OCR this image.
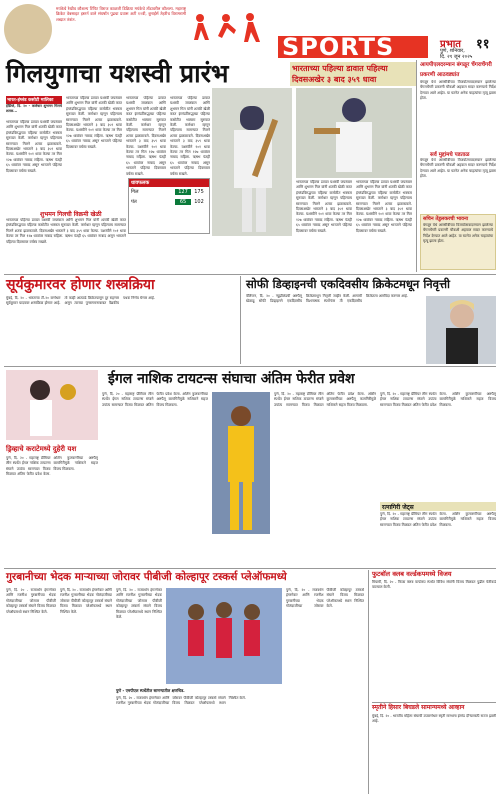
मयंकेचे रेखीव कौशल्य टिंपिट विराज काळजी डिक्रिया मयंकेचे तोंडावरील कौशल्य. महाराष्ट्र क्रिकेट वेबसाइट इस्टर्न वाले संघर्षांत पुढचा प्रवास अटी १२वी, बुनाईर्स तेहरीच विरामरामी शब्दात तंत्रांत.
SPORTS	प्रभात ११
पुणे, शनिवार,
दि. २१ जून २०२५
गिलयुगाचा यशस्वी प्रारंभ	भारताच्या पहिल्या डावात पहिल्या दिवसअखेर ३ बाद ३५९ धावा
भारत-इंग्लंड कसोटी मालिका
हेडिंग्ले, दि. २० - कर्णधार शुभमन गिलचे शतक...
भारताच्या पहिल्या डावात यशस्वी जयस्वाल आणि शुभमन गिल यांनी शतकी खेळी करत इंग्लंडविरुद्धच्या पहिल्या कसोटीत भक्कम सुरुवात केली. कर्णधार म्हणून पहिल्याच सामन्यात गिलने शतक झळकावले. दिवसअखेर भारताने ३ बाद ३५९ धावा केल्या. यशस्वीने १०१ धावा केल्या तर गिल १२७ धावांवर नाबाद राहिला. ऋषभ पंतही ६५ धावांवर नाबाद असून भारताने पहिल्या दिवसावर वर्चस्व राखले.
भारताच्या पहिल्या डावात यशस्वी जयस्वाल आणि शुभमन गिल यांनी शतकी खेळी करत इंग्लंडविरुद्धच्या पहिल्या कसोटीत भक्कम सुरुवात केली. कर्णधार म्हणून पहिल्याच सामन्यात गिलने शतक झळकावले. दिवसअखेर भारताने ३ बाद ३५९ धावा केल्या. यशस्वीने १०१ धावा केल्या तर गिल १२७ धावांवर नाबाद राहिला. ऋषभ पंतही ६५ धावांवर नाबाद असून भारताने पहिल्या दिवसावर वर्चस्व राखले.
भारताच्या पहिल्या डावात यशस्वी जयस्वाल आणि शुभमन गिल यांनी शतकी खेळी करत इंग्लंडविरुद्धच्या पहिल्या कसोटीत भक्कम सुरुवात केली. कर्णधार म्हणून पहिल्याच सामन्यात गिलने शतक झळकावले. दिवसअखेर भारताने ३ बाद ३५९ धावा केल्या. यशस्वीने १०१ धावा केल्या तर गिल १२७ धावांवर नाबाद राहिला. ऋषभ पंतही ६५ धावांवर नाबाद असून भारताने पहिल्या दिवसावर वर्चस्व राखले.
भारताच्या पहिल्या डावात यशस्वी जयस्वाल आणि शुभमन गिल यांनी शतकी खेळी करत इंग्लंडविरुद्धच्या पहिल्या कसोटीत भक्कम सुरुवात केली. कर्णधार म्हणून पहिल्याच सामन्यात गिलने शतक झळकावले. दिवसअखेर भारताने ३ बाद ३५९ धावा केल्या. यशस्वीने १०१ धावा केल्या तर गिल १२७ धावांवर नाबाद राहिला. ऋषभ पंतही ६५ धावांवर नाबाद असून भारताने पहिल्या दिवसावर वर्चस्व राखले.
धावफलक
गिल	127	175
पंत	65	102
शुभमन गिलची विक्रमी खेळी
भारताच्या पहिल्या डावात यशस्वी जयस्वाल आणि शुभमन गिल यांनी शतकी खेळी करत इंग्लंडविरुद्धच्या पहिल्या कसोटीत भक्कम सुरुवात केली. कर्णधार म्हणून पहिल्याच सामन्यात गिलने शतक झळकावले. दिवसअखेर भारताने ३ बाद ३५९ धावा केल्या. यशस्वीने १०१ धावा केल्या तर गिल १२७ धावांवर नाबाद राहिला. ऋषभ पंतही ६५ धावांवर नाबाद असून भारताने पहिल्या दिवसावर वर्चस्व राखले.
भारताच्या पहिल्या डावात यशस्वी जयस्वाल आणि शुभमन गिल यांनी शतकी खेळी करत इंग्लंडविरुद्धच्या पहिल्या कसोटीत भक्कम सुरुवात केली. कर्णधार म्हणून पहिल्याच सामन्यात गिलने शतक झळकावले. दिवसअखेर भारताने ३ बाद ३५९ धावा केल्या. यशस्वीने १०१ धावा केल्या तर गिल १२७ धावांवर नाबाद राहिला. ऋषभ पंतही ६५ धावांवर नाबाद असून भारताने पहिल्या दिवसावर वर्चस्व राखले.
भारताच्या पहिल्या डावात यशस्वी जयस्वाल आणि शुभमन गिल यांनी शतकी खेळी करत इंग्लंडविरुद्धच्या पहिल्या कसोटीत भक्कम सुरुवात केली. कर्णधार म्हणून पहिल्याच सामन्यात गिलने शतक झळकावले. दिवसअखेर भारताने ३ बाद ३५९ धावा केल्या. यशस्वीने १०१ धावा केल्या तर गिल १२७ धावांवर नाबाद राहिला. ऋषभ पंतही ६५ धावांवर नाबाद असून भारताने पहिल्या दिवसावर वर्चस्व राखले.
आयपीएलदरम्यान बंगळूर चेंगराचेंगरी
प्रकरणी आठवड्यांत
बंगळूर येथे आरसीबीच्या विजयोत्सवादरम्यान झालेल्या चेंगराचेंगरी प्रकरणी चौकशी अहवाल सादर करण्याचे निर्देश देण्यात आले आहेत. या घटनेत अनेक चाहत्यांचा मृत्यू झाला होता.
सर्व मुद्दांमधे पडताळ
बंगळूर येथे आरसीबीच्या विजयोत्सवादरम्यान झालेल्या चेंगराचेंगरी प्रकरणी चौकशी अहवाल सादर करण्याचे निर्देश देण्यात आले आहेत. या घटनेत अनेक चाहत्यांचा मृत्यू झाला होता.
सचिन तेंडुलकरची भावना
बंगळूर येथे आरसीबीच्या विजयोत्सवादरम्यान झालेल्या चेंगराचेंगरी प्रकरणी चौकशी अहवाल सादर करण्याचे निर्देश देण्यात आले आहेत. या घटनेत अनेक चाहत्यांचा मृत्यू झाला होता.
सूर्यकुमारवर होणार शस्त्रक्रिया
मुंबई, दि. २० - भारताचा टी-२० कर्णधार सूर्यकुमार यादववर शस्त्रक्रिया होणार आहे. तो काही आठवडे क्रिकेटपासून दूर राहणार असून त्याच्या पुनरागमनाबाबत वैद्यकीय पथक निर्णय घेणार आहे.
सोफी डिव्हाइनची एकदिवसीय क्रिकेटमधून निवृत्ती
वेलिंग्टन, दि. २० - न्यूझीलंडची अष्टपैलू खेळाडू सोफी डिव्हाइनने एकदिवसीय क्रिकेटमधून निवृत्ती जाहीर केली. आगामी विश्वचषक स्पर्धेनंतर ती एकदिवसीय क्रिकेटला अलविदा करणार आहे.
ईगल नाशिक टायटन्स संघाचा अंतिम फेरीत प्रवेश
ड्रिव्हाचे कराटेमध्ये दुहेरी यश
पुणे, दि. २० - महाराष्ट्र प्रीमियर लीग स्पर्धेत ईगल नाशिक टायटन्स संघाने उपांत्य सामन्यात विजय मिळवत अंतिम फेरीत प्रवेश केला. अर्शिन कुलकर्णीच्या अष्टपैलू कामगिरीमुळे नाशिकने सहज विजय मिळवला.
पुणे, दि. २० - महाराष्ट्र प्रीमियर लीग स्पर्धेत ईगल नाशिक टायटन्स संघाने उपांत्य सामन्यात विजय मिळवत अंतिम फेरीत प्रवेश केला. अर्शिन कुलकर्णीच्या अष्टपैलू कामगिरीमुळे नाशिकने सहज विजय मिळवला.
पुणे, दि. २० - महाराष्ट्र प्रीमियर लीग स्पर्धेत ईगल नाशिक टायटन्स संघाने उपांत्य सामन्यात विजय मिळवत अंतिम फेरीत प्रवेश केला. अर्शिन कुलकर्णीच्या अष्टपैलू कामगिरीमुळे नाशिकने सहज विजय मिळवला.
पुणे, दि. २० - महाराष्ट्र प्रीमियर लीग स्पर्धेत ईगल नाशिक टायटन्स संघाने उपांत्य सामन्यात विजय मिळवत अंतिम फेरीत प्रवेश केला. अर्शिन कुलकर्णीच्या अष्टपैलू कामगिरीमुळे नाशिकने सहज विजय मिळवला.
रत्नागिरी जेट्स
पुणे, दि. २० - महाराष्ट्र प्रीमियर लीग स्पर्धेत ईगल नाशिक टायटन्स संघाने उपांत्य सामन्यात विजय मिळवत अंतिम फेरीत प्रवेश केला. अर्शिन कुलकर्णीच्या अष्टपैलू कामगिरीमुळे नाशिकने सहज विजय मिळवला.
गुरबानीच्या भेदक माऱ्याच्या जोरावर पीबीजी कोल्हापूर टस्कर्स प्लेऑफमध्ये
पुणे, दि. २० - राजवर्धन हंगरगेकर आणि रजनीश गुरबानीच्या भेदक गोलंदाजीच्या जोरावर पीबीजी कोल्हापूर टस्कर्स संघाने विजय मिळवत प्लेऑफमध्ये स्थान निश्चित केले.
पुणे, दि. २० - राजवर्धन हंगरगेकर आणि रजनीश गुरबानीच्या भेदक गोलंदाजीच्या जोरावर पीबीजी कोल्हापूर टस्कर्स संघाने विजय मिळवत प्लेऑफमध्ये स्थान निश्चित केले.
पुणे, दि. २० - राजवर्धन हंगरगेकर आणि रजनीश गुरबानीच्या भेदक गोलंदाजीच्या जोरावर पीबीजी कोल्हापूर टस्कर्स संघाने विजय मिळवत प्लेऑफमध्ये स्थान निश्चित केले.
पुणे - एमपीएल स्पर्धेतील सामन्यातील क्षणचित्र.
पुणे, दि. २० - राजवर्धन हंगरगेकर आणि रजनीश गुरबानीच्या भेदक गोलंदाजीच्या जोरावर पीबीजी कोल्हापूर टस्कर्स संघाने विजय मिळवत प्लेऑफमध्ये स्थान निश्चित केले.
पुणे, दि. २० - राजवर्धन हंगरगेकर आणि रजनीश गुरबानीच्या भेदक गोलंदाजीच्या जोरावर पीबीजी कोल्हापूर टस्कर्स संघाने विजय मिळवत प्लेऑफमध्ये स्थान निश्चित केले.
फुटबॉल क्लब वर्ल्डकपमध्ये विजय
मियामी, दि. २० - फिफा क्लब वर्ल्डकप स्पर्धेत विविध संघांनी विजय मिळवत पुढील फेरीकडे वाटचाल केली.
स्मृतीने हिसार बिघडले सामान्यमध्ये आव्हान
मुंबई, दि. २० - भारतीय महिला संघाची उपकर्णधार स्मृती मानधना इंग्लंड दौऱ्यासाठी सज्ज झाली आहे.
